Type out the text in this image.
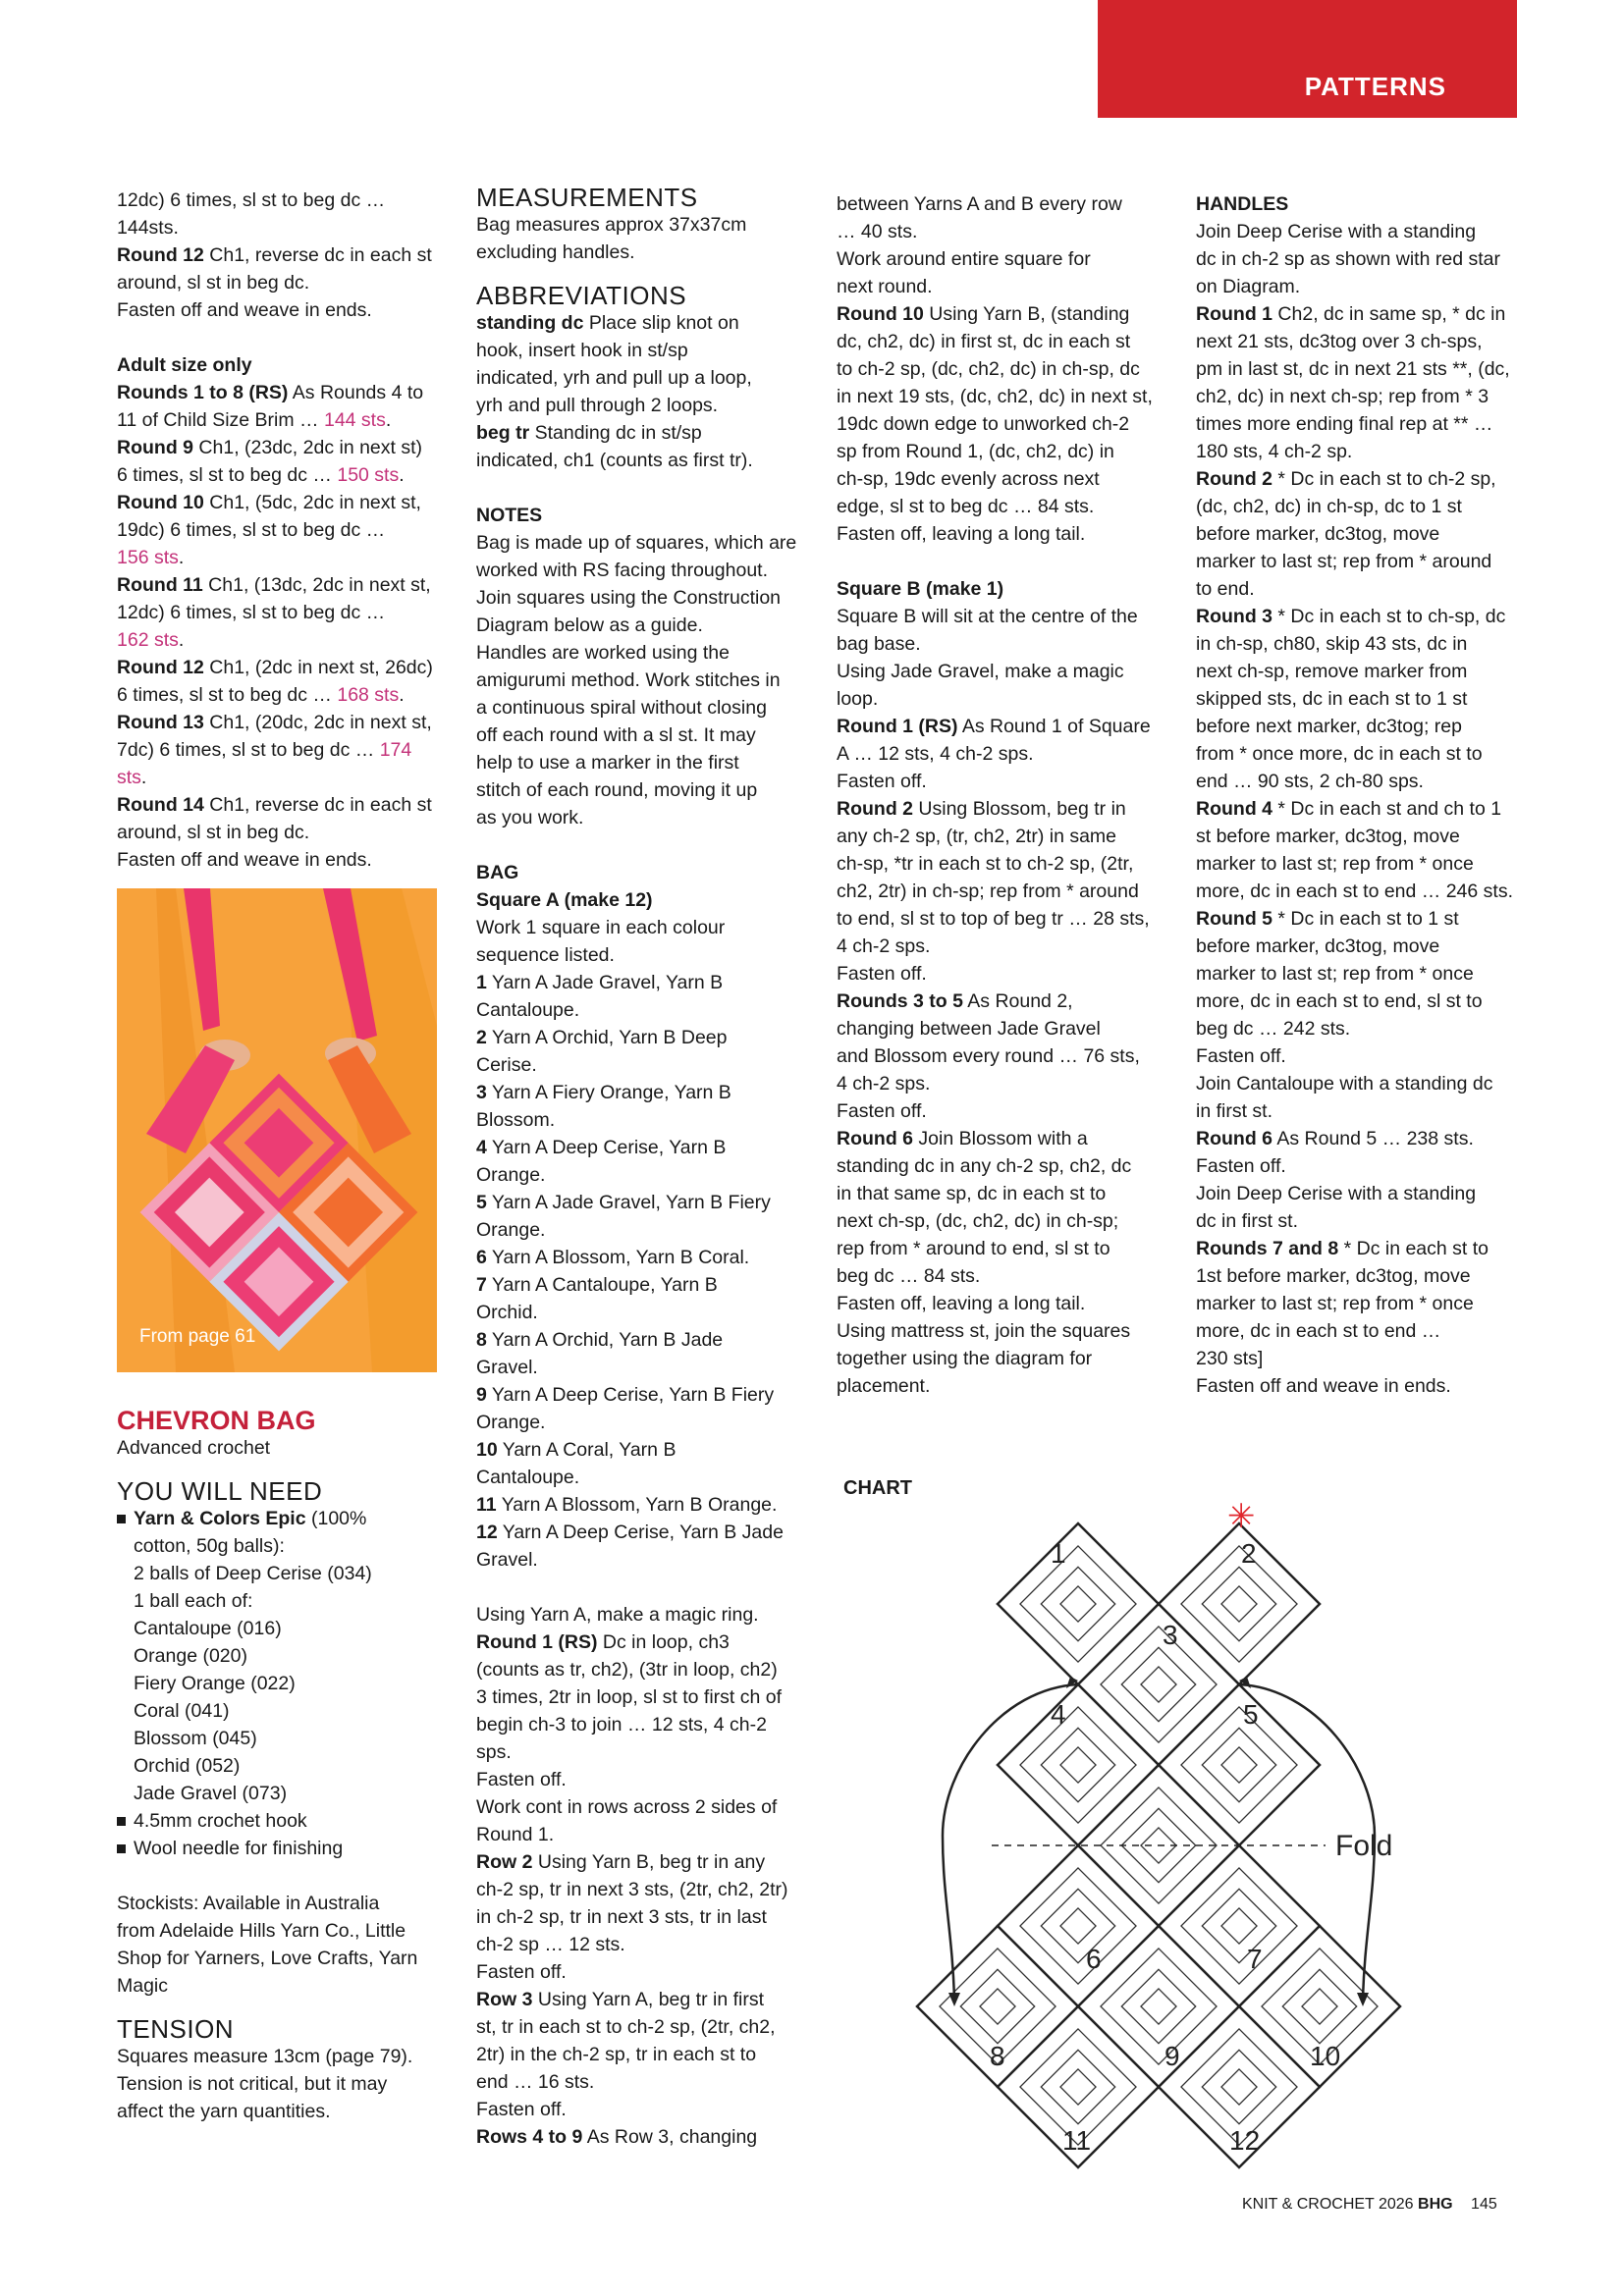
PATTERNS

12dc) 6 times, sl st to beg dc …

144sts.

Round 12 Ch1, reverse dc in each st

around, sl st in beg dc.

Fasten off and weave in ends.

Adult size only

Rounds 1 to 8 (RS) As Rounds 4 to

11 of Child Size Brim … 144 sts.

Round 9 Ch1, (23dc, 2dc in next st)

6 times, sl st to beg dc … 150 sts.

Round 10 Ch1, (5dc, 2dc in next st,

19dc) 6 times, sl st to beg dc …

156 sts.

Round 11 Ch1, (13dc, 2dc in next st,

12dc) 6 times, sl st to beg dc …

162 sts.

Round 12 Ch1, (2dc in next st, 26dc)

6 times, sl st to beg dc … 168 sts.

Round 13 Ch1, (20dc, 2dc in next st,

7dc) 6 times, sl st to beg dc … 174 sts.

Round 14 Ch1, reverse dc in each st

around, sl st in beg dc.

Fasten off and weave in ends.

From page 61

CHEVRON BAG

Advanced crochet

YOU WILL NEED

Yarn & Colors Epic (100%

cotton, 50g balls):

2 balls of Deep Cerise (034)

1 ball each of:

Cantaloupe (016)

Orange (020)

Fiery Orange (022)

Coral (041)

Blossom (045)

Orchid (052)

Jade Gravel (073)

4.5mm crochet hook

Wool needle for finishing

Stockists: Available in Australia

from Adelaide Hills Yarn Co., Little

Shop for Yarners, Love Crafts, Yarn

Magic

TENSION

Squares measure 13cm (page 79).

Tension is not critical, but it may

affect the yarn quantities.

MEASUREMENTS

Bag measures approx 37x37cm

excluding handles.

ABBREVIATIONS

standing dc Place slip knot on

hook, insert hook in st/sp

indicated, yrh and pull up a loop,

yrh and pull through 2 loops.

beg tr Standing dc in st/sp

indicated, ch1 (counts as first tr).

NOTES

Bag is made up of squares, which are

worked with RS facing throughout.

Join squares using the Construction

Diagram below as a guide.

Handles are worked using the

amigurumi method. Work stitches in

a continuous spiral without closing

off each round with a sl st. It may

help to use a marker in the first

stitch of each round, moving it up

as you work.

BAG

Square A (make 12)

Work 1 square in each colour

sequence listed.

1 Yarn A Jade Gravel, Yarn B

Cantaloupe.

2 Yarn A Orchid, Yarn B Deep

Cerise.

3 Yarn A Fiery Orange, Yarn B

Blossom.

4 Yarn A Deep Cerise, Yarn B

Orange.

5 Yarn A Jade Gravel, Yarn B Fiery

Orange.

6 Yarn A Blossom, Yarn B Coral.

7 Yarn A Cantaloupe, Yarn B

Orchid.

8 Yarn A Orchid, Yarn B Jade

Gravel.

9 Yarn A Deep Cerise, Yarn B Fiery

Orange.

10 Yarn A Coral, Yarn B

Cantaloupe.

11 Yarn A Blossom, Yarn B Orange.

12 Yarn A Deep Cerise, Yarn B Jade

Gravel.

Using Yarn A, make a magic ring.

Round 1 (RS) Dc in loop, ch3

(counts as tr, ch2), (3tr in loop, ch2)

3 times, 2tr in loop, sl st to first ch of

begin ch-3 to join … 12 sts, 4 ch-2

sps.

Fasten off.

Work cont in rows across 2 sides of

Round 1.

Row 2 Using Yarn B, beg tr in any

ch-2 sp, tr in next 3 sts, (2tr, ch2, 2tr)

in ch-2 sp, tr in next 3 sts, tr in last

ch-2 sp … 12 sts.

Fasten off.

Row 3 Using Yarn A, beg tr in first

st, tr in each st to ch-2 sp, (2tr, ch2,

2tr) in the ch-2 sp, tr in each st to

end … 16 sts.

Fasten off.

Rows 4 to 9 As Row 3, changing

between Yarns A and B every row

… 40 sts.

Work around entire square for

next round.

Round 10 Using Yarn B, (standing

dc, ch2, dc) in first st, dc in each st

to ch-2 sp, (dc, ch2, dc) in ch-sp, dc

in next 19 sts, (dc, ch2, dc) in next st,

19dc down edge to unworked ch-2

sp from Round 1, (dc, ch2, dc) in

ch-sp, 19dc evenly across next

edge, sl st to beg dc … 84 sts.

Fasten off, leaving a long tail.

Square B (make 1)

Square B will sit at the centre of the

bag base.

Using Jade Gravel, make a magic

loop.

Round 1 (RS) As Round 1 of Square

A … 12 sts, 4 ch-2 sps.

Fasten off.

Round 2 Using Blossom, beg tr in

any ch-2 sp, (tr, ch2, 2tr) in same

ch-sp, *tr in each st to ch-2 sp, (2tr,

ch2, 2tr) in ch-sp; rep from * around

to end, sl st to top of beg tr … 28 sts,

4 ch-2 sps.

Fasten off.

Rounds 3 to 5 As Round 2,

changing between Jade Gravel

and Blossom every round … 76 sts,

4 ch-2 sps.

Fasten off.

Round 6 Join Blossom with a

standing dc in any ch-2 sp, ch2, dc

in that same sp, dc in each st to

next ch-sp, (dc, ch2, dc) in ch-sp;

rep from * around to end, sl st to

beg dc … 84 sts.

Fasten off, leaving a long tail.

Using mattress st, join the squares

together using the diagram for

placement.

HANDLES

Join Deep Cerise with a standing

dc in ch-2 sp as shown with red star

on Diagram.

Round 1 Ch2, dc in same sp, * dc in

next 21 sts, dc3tog over 3 ch-sps,

pm in last st, dc in next 21 sts **, (dc,

ch2, dc) in next ch-sp; rep from * 3

times more ending final rep at ** …

180 sts, 4 ch-2 sp.

Round 2 * Dc in each st to ch-2 sp,

(dc, ch2, dc) in ch-sp, dc to 1 st

before marker, dc3tog, move

marker to last st; rep from * around

to end.

Round 3 * Dc in each st to ch-sp, dc

in ch-sp, ch80, skip 43 sts, dc in

next ch-sp, remove marker from

skipped sts, dc in each st to 1 st

before next marker, dc3tog; rep

from * once more, dc in each st to

end … 90 sts, 2 ch-80 sps.

Round 4 * Dc in each st and ch to 1

st before marker, dc3tog, move

marker to last st; rep from * once

more, dc in each st to end … 246 sts.

Round 5 * Dc in each st to 1 st

before marker, dc3tog, move

marker to last st; rep from * once

more, dc in each st to end, sl st to

beg dc … 242 sts.

Fasten off.

Join Cantaloupe with a standing dc

in first st.

Round 6 As Round 5 … 238 sts.

Fasten off.

Join Deep Cerise with a standing

dc in first st.

Rounds 7 and 8 * Dc in each st to

1st before marker, dc3tog, move

marker to last st; rep from * once

more, dc in each st to end …

230 sts]

Fasten off and weave in ends.

CHART
Fold
✳
1	2
3
4	5
6	7
8	9	10
11	12
KNIT & CROCHET 2026 BHG 145
